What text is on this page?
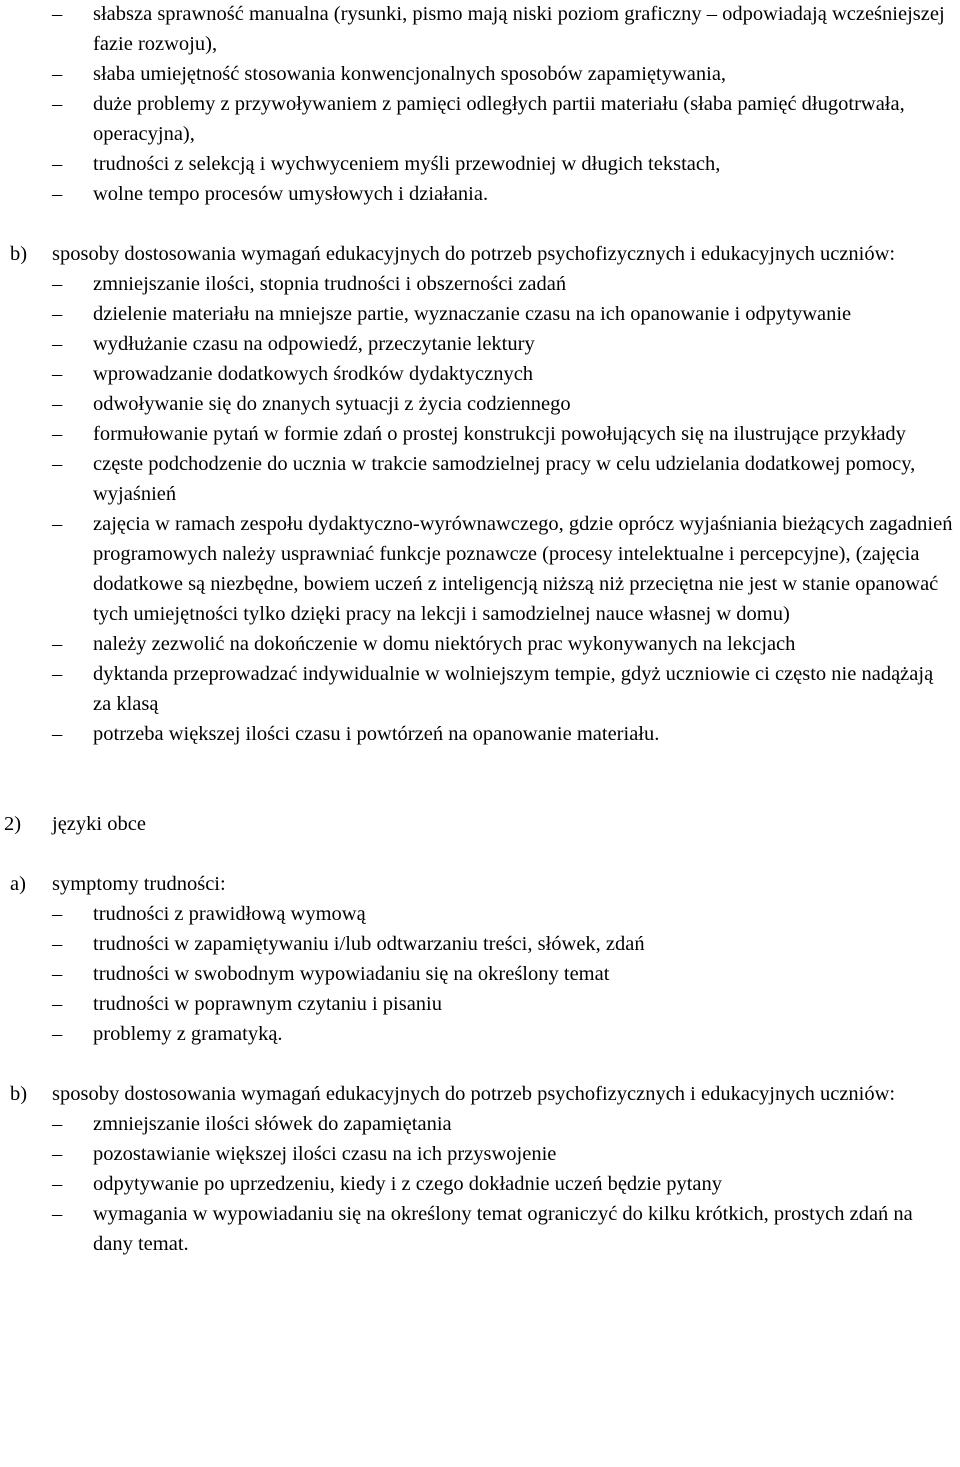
– słabsza sprawność manualna (rysunki, pismo mają niski poziom graficzny – odpowiadają wcześniejszej fazie rozwoju),
– słaba umiejętność stosowania konwencjonalnych sposobów zapamiętywania,
– duże problemy z przywoływaniem z pamięci odległych partii materiału (słaba pamięć długotrwała, operacyjna),
– trudności z selekcją i wychwyceniem myśli przewodniej w długich tekstach,
– wolne tempo procesów umysłowych i działania.
b) sposoby dostosowania wymagań edukacyjnych do potrzeb psychofizycznych i edukacyjnych uczniów:
– zmniejszanie ilości, stopnia trudności i obszerności zadań
– dzielenie materiału na mniejsze partie, wyznaczanie czasu na ich opanowanie i odpytywanie
– wydłużanie czasu na odpowiedź, przeczytanie lektury
– wprowadzanie dodatkowych środków dydaktycznych
– odwoływanie się do znanych sytuacji z życia codziennego
– formułowanie pytań w formie zdań o prostej konstrukcji powołujących się na ilustrujące przykłady
– częste podchodzenie do ucznia w trakcie samodzielnej pracy w celu udzielania dodatkowej pomocy, wyjaśnień
– zajęcia w ramach zespołu dydaktyczno-wyrównawczego, gdzie oprócz wyjaśniania bieżących zagadnień programowych należy usprawniać funkcje poznawcze (procesy intelektualne i percepcyjne), (zajęcia dodatkowe są niezbędne, bowiem uczeń z inteligencją niższą niż przeciętna nie jest w stanie opanować tych umiejętności tylko dzięki pracy na lekcji i samodzielnej nauce własnej w domu)
– należy zezwolić na dokończenie w domu niektórych prac wykonywanych na lekcjach
– dyktanda przeprowadzać indywidualnie w wolniejszym tempie, gdyż uczniowie ci często nie nadążają za klasą
– potrzeba większej ilości czasu i powtórzeń na opanowanie materiału.
2) języki obce
a) symptomy trudności:
– trudności z prawidłową wymową
– trudności w zapamiętywaniu i/lub odtwarzaniu treści, słówek, zdań
– trudności w swobodnym wypowiadaniu się na określony temat
– trudności w poprawnym czytaniu i pisaniu
– problemy z gramatyką.
b) sposoby dostosowania wymagań edukacyjnych do potrzeb psychofizycznych i edukacyjnych uczniów:
– zmniejszanie ilości słówek do zapamiętania
– pozostawianie większej ilości czasu na ich przyswojenie
– odpytywanie po uprzedzeniu, kiedy i z czego dokładnie uczeń będzie pytany
– wymagania w wypowiadaniu się na określony temat ograniczyć do kilku krótkich, prostych zdań na dany temat.
